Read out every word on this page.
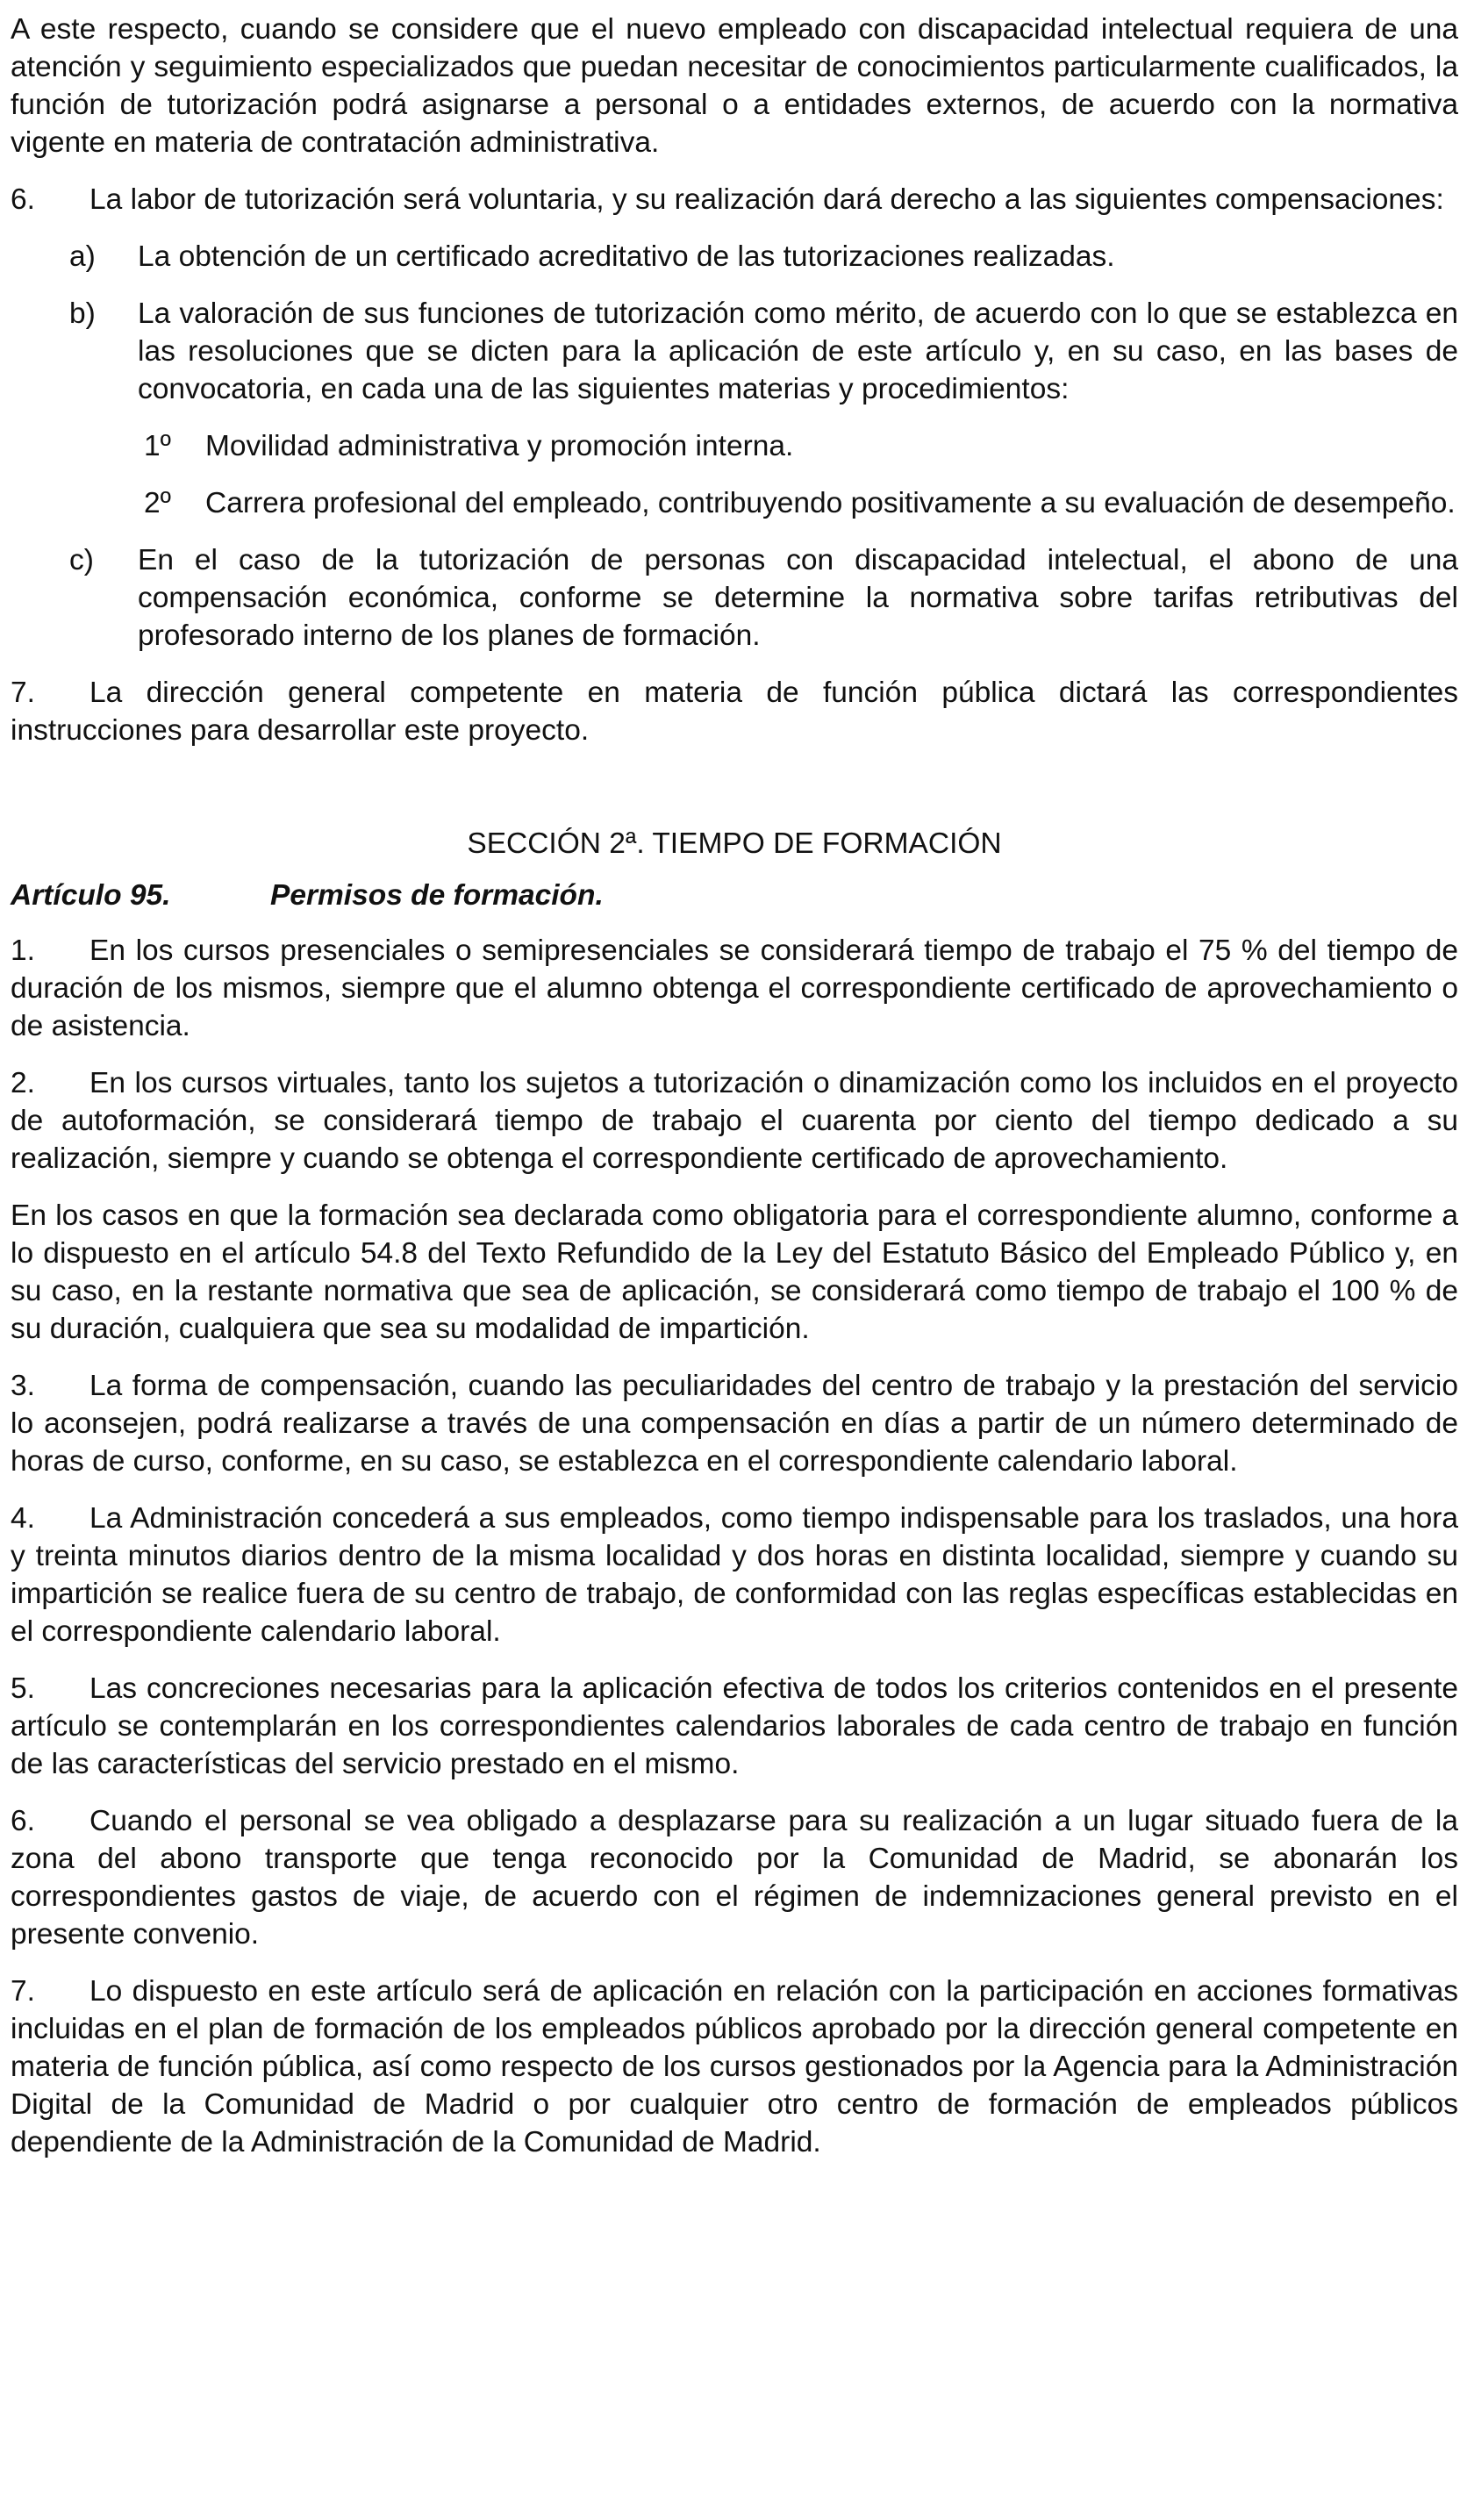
A este respecto, cuando se considere que el nuevo empleado con discapacidad intelectual requiera de una atención y seguimiento especializados que puedan necesitar de conocimientos particularmente cualificados, la función de tutorización podrá asignarse a personal o a entidades externos, de acuerdo con la normativa vigente en materia de contratación administrativa.

6. La labor de tutorización será voluntaria, y su realización dará derecho a las siguientes compensaciones:

a) La obtención de un certificado acreditativo de las tutorizaciones realizadas.

b) La valoración de sus funciones de tutorización como mérito, de acuerdo con lo que se establezca en las resoluciones que se dicten para la aplicación de este artículo y, en su caso, en las bases de convocatoria, en cada una de las siguientes materias y procedimientos:

1º Movilidad administrativa y promoción interna.

2º Carrera profesional del empleado, contribuyendo positivamente a su evaluación de desempeño.

c) En el caso de la tutorización de personas con discapacidad intelectual, el abono de una compensación económica, conforme se determine la normativa sobre tarifas retributivas del profesorado interno de los planes de formación.

7. La dirección general competente en materia de función pública dictará las correspondientes instrucciones para desarrollar este proyecto.

SECCIÓN 2ª. TIEMPO DE FORMACIÓN

Artículo 95.	Permisos de formación.

1. En los cursos presenciales o semipresenciales se considerará tiempo de trabajo el 75 % del tiempo de duración de los mismos, siempre que el alumno obtenga el correspondiente certificado de aprovechamiento o de asistencia.

2. En los cursos virtuales, tanto los sujetos a tutorización o dinamización como los incluidos en el proyecto de autoformación, se considerará tiempo de trabajo el cuarenta por ciento del tiempo dedicado a su realización, siempre y cuando se obtenga el correspondiente certificado de aprovechamiento.

En los casos en que la formación sea declarada como obligatoria para el correspondiente alumno, conforme a lo dispuesto en el artículo 54.8 del Texto Refundido de la Ley del Estatuto Básico del Empleado Público y, en su caso, en la restante normativa que sea de aplicación, se considerará como tiempo de trabajo el 100 % de su duración, cualquiera que sea su modalidad de impartición.

3. La forma de compensación, cuando las peculiaridades del centro de trabajo y la prestación del servicio lo aconsejen, podrá realizarse a través de una compensación en días a partir de un número determinado de horas de curso, conforme, en su caso, se establezca en el correspondiente calendario laboral.

4. La Administración concederá a sus empleados, como tiempo indispensable para los traslados, una hora y treinta minutos diarios dentro de la misma localidad y dos horas en distinta localidad, siempre y cuando su impartición se realice fuera de su centro de trabajo, de conformidad con las reglas específicas establecidas en el correspondiente calendario laboral.

5. Las concreciones necesarias para la aplicación efectiva de todos los criterios contenidos en el presente artículo se contemplarán en los correspondientes calendarios laborales de cada centro de trabajo en función de las características del servicio prestado en el mismo.

6. Cuando el personal se vea obligado a desplazarse para su realización a un lugar situado fuera de la zona del abono transporte que tenga reconocido por la Comunidad de Madrid, se abonarán los correspondientes gastos de viaje, de acuerdo con el régimen de indemnizaciones general previsto en el presente convenio.

7. Lo dispuesto en este artículo será de aplicación en relación con la participación en acciones formativas incluidas en el plan de formación de los empleados públicos aprobado por la dirección general competente en materia de función pública, así como respecto de los cursos gestionados por la Agencia para la Administración Digital de la Comunidad de Madrid o por cualquier otro centro de formación de empleados públicos dependiente de la Administración de la Comunidad de Madrid.
